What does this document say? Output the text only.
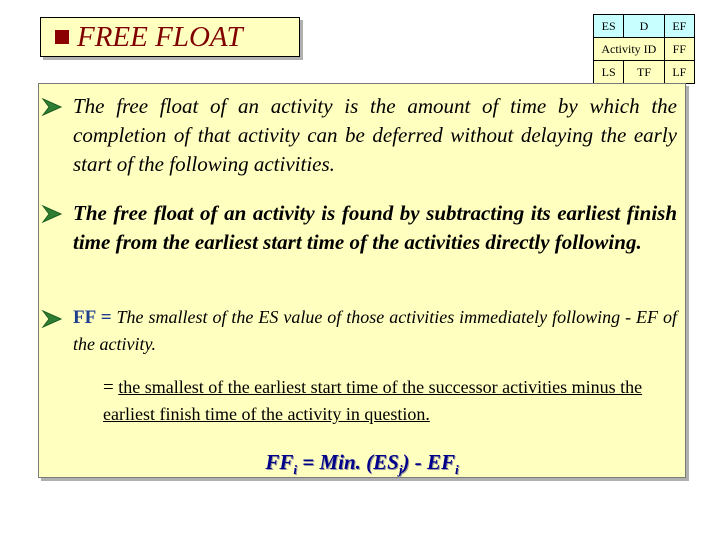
FREE FLOAT	ES	D	EF
Activity ID		FF
LS	TF	LF
The free float of an activity is the amount of time by which the completion of that activity can be deferred without delaying the early start of the following activities.
The free float of an activity is found by subtracting its earliest finish time from the earliest start time of the activities directly following.
FF = The smallest of the ES value of those activities immediately following - EF of the activity.
= the smallest of the earliest start time of the successor activities minus the earliest finish time of the activity in question.
$FF_i$ = Min. $(ES_j) - EF_i$
